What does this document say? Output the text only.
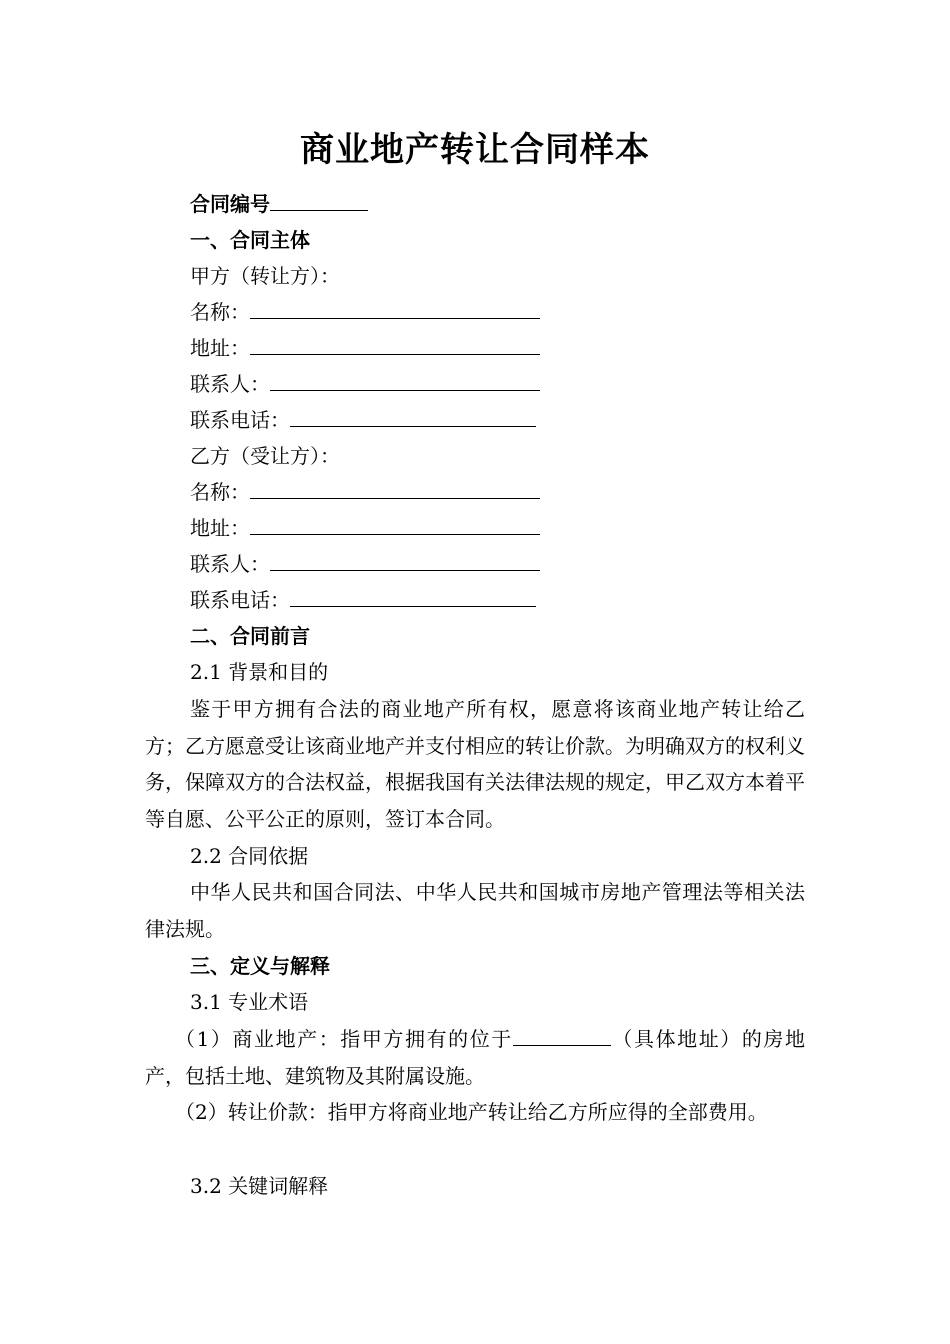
商业地产转让合同样本
合同编号
一、合同主体
甲方（转让方）：
名称：
地址：
联系人：
联系电话：
乙方（受让方）：
名称：
地址：
联系人：
联系电话：
二、合同前言
2.1 背景和目的
鉴于甲方拥有合法的商业地产所有权，愿意将该商业地产转让给乙方；乙方愿意受让该商业地产并支付相应的转让价款。为明确双方的权利义务，保障双方的合法权益，根据我国有关法律法规的规定，甲乙双方本着平等自愿、公平公正的原则，签订本合同。
2.2 合同依据
中华人民共和国合同法、中华人民共和国城市房地产管理法等相关法律法规。
三、定义与解释
3.1 专业术语
（1）商业地产：指甲方拥有的位于	（具体地址）的房地产，包括土地、建筑物及其附属设施。
（2）转让价款：指甲方将商业地产转让给乙方所应得的全部费用。
3.2 关键词解释
